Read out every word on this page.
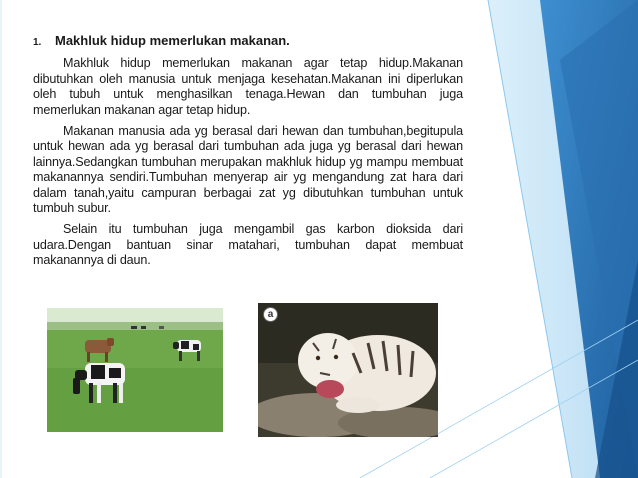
1.	Makhluk hidup memerlukan makanan.

Makhluk hidup memerlukan makanan agar tetap hidup.Makanan dibutuhkan oleh manusia untuk menjaga kesehatan.Makanan ini diperlukan oleh tubuh untuk menghasilkan tenaga.Hewan dan tumbuhan juga memerlukan makanan agar tetap hidup.

Makanan manusia ada yg berasal dari hewan dan tumbuhan,begitupula untuk hewan ada yg berasal dari tumbuhan ada juga yg berasal dari hewan lainnya.Sedangkan tumbuhan merupakan makhluk hidup yg mampu membuat makanannya sendiri.Tumbuhan menyerap air yg mengandung zat hara dari dalam tanah,yaitu campuran berbagai zat yg dibutuhkan tumbuhan untuk tumbuh subur.

Selain itu tumbuhan juga mengambil gas karbon dioksida dari udara.Dengan bantuan sinar matahari, tumbuhan dapat membuat makanannya di daun.

a
